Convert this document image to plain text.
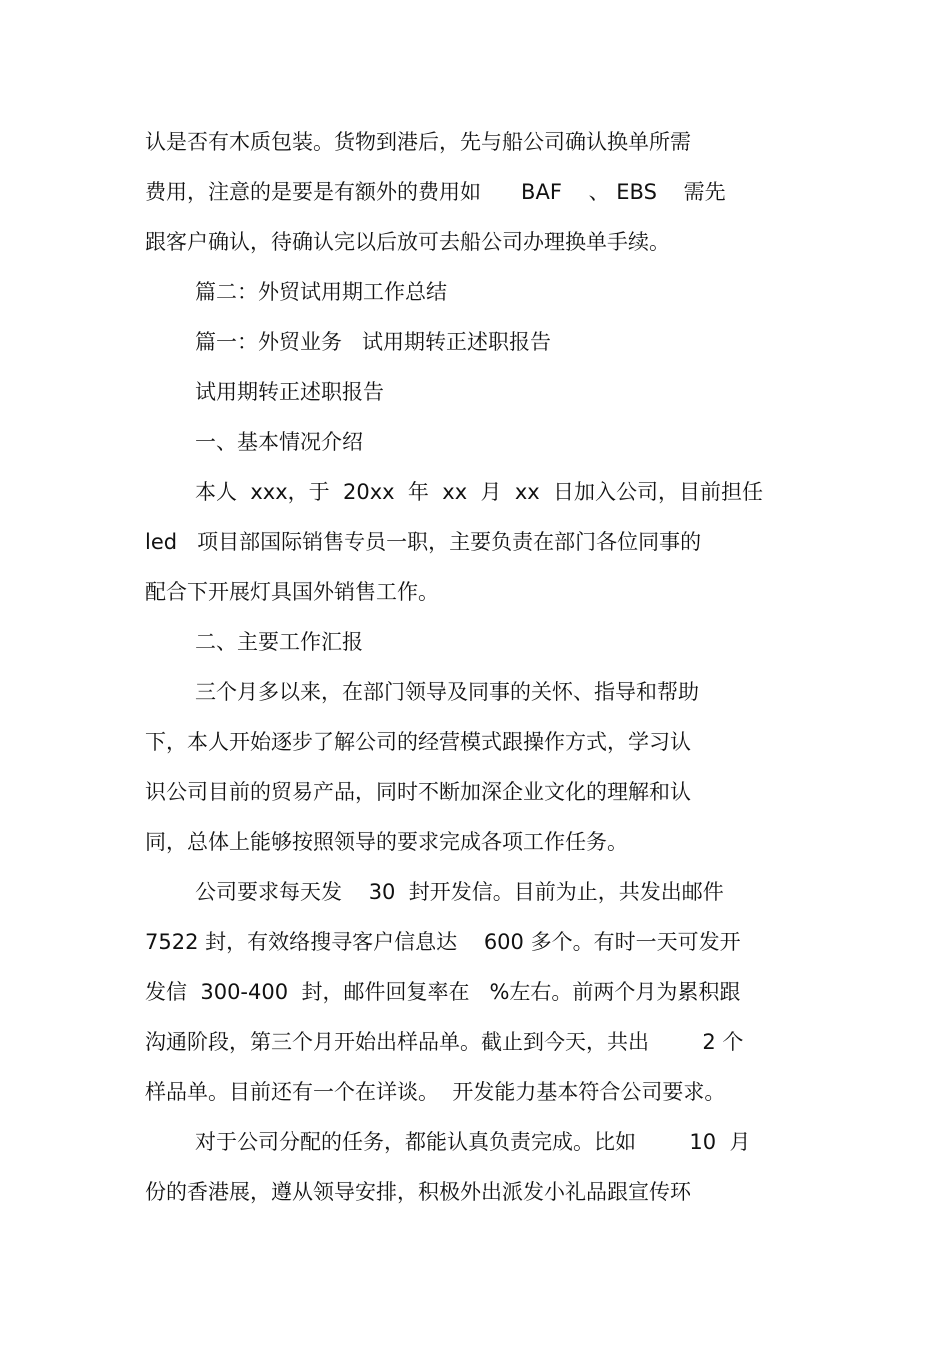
认是否有木质包装。货物到港后，先与船公司确认换单所需
费用，注意的是要是有额外的费用如      BAF    、 EBS    需先
跟客户确认，待确认完以后放可去船公司办理换单手续。
篇二：外贸试用期工作总结
篇一：外贸业务   试用期转正述职报告
试用期转正述职报告
一、基本情况介绍
本人  xxx，于  20xx  年  xx  月  xx  日加入公司，目前担任
led   项目部国际销售专员一职，主要负责在部门各位同事的
配合下开展灯具国外销售工作。
二、主要工作汇报
三个月多以来，在部门领导及同事的关怀、指导和帮助
下，本人开始逐步了解公司的经营模式跟操作方式，学习认
识公司目前的贸易产品，同时不断加深企业文化的理解和认
同，总体上能够按照领导的要求完成各项工作任务。
公司要求每天发    30  封开发信。目前为止，共发出邮件
7522 封，有效络搜寻客户信息达    600 多个。有时一天可发开
发信  300-400  封，邮件回复率在   %左右。前两个月为累积跟
沟通阶段，第三个月开始出样品单。截止到今天，共出        2 个
样品单。目前还有一个在详谈。  开发能力基本符合公司要求。
对于公司分配的任务，都能认真负责完成。比如        10  月
份的香港展，遵从领导安排，积极外出派发小礼品跟宣传环
